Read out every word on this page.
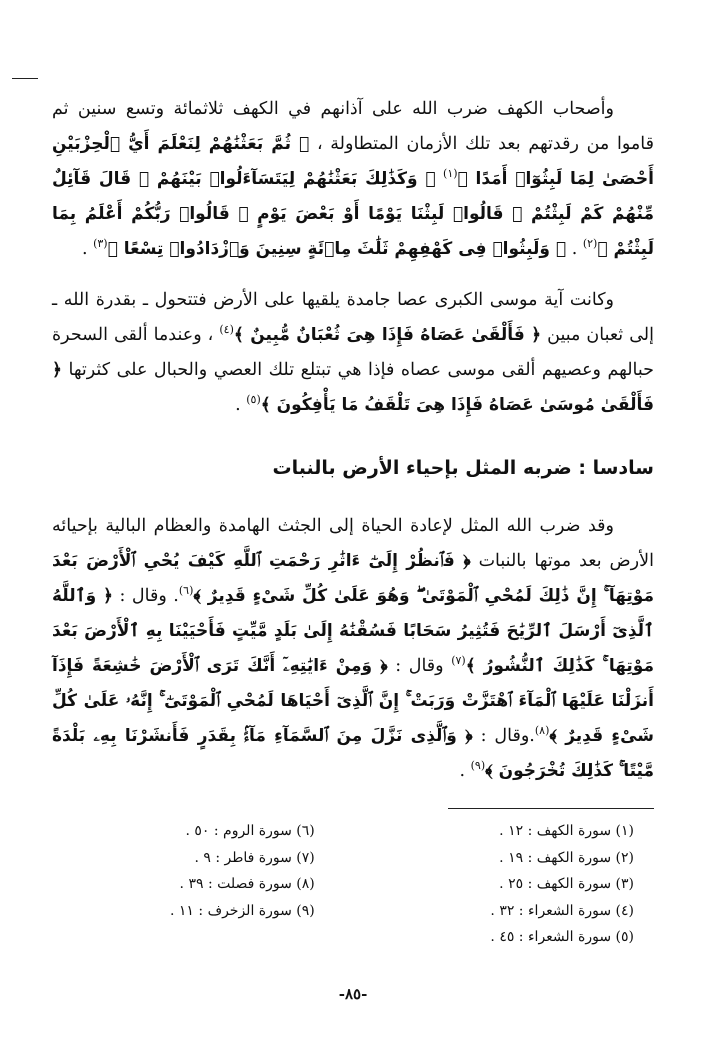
وأصحاب الكهف ضرب الله على آذانهم في الكهف ثلاثمائة وتسع سنين ثم قاموا من رقدتهم بعد تلك الأزمان المتطاولة ، ﴿ ثُمَّ بَعَثْنَٰهُمْ لِنَعْلَمَ أَيُّ ٱلْحِزْبَيْنِ أَحْصَىٰ لِمَا لَبِثُوٓا۟ أَمَدًا ﴾$^{(١)}$ ﴿ وَكَذَٰلِكَ بَعَثْنَٰهُمْ لِيَتَسَآءَلُوا۟ بَيْنَهُمْ ۚ قَالَ قَآئِلٌ مِّنْهُمْ كَمْ لَبِثْتُمْ ۖ قَالُوا۟ لَبِثْنَا يَوْمًا أَوْ بَعْضَ يَوْمٍ ۚ قَالُوا۟ رَبُّكُمْ أَعْلَمُ بِمَا لَبِثْتُمْ ﴾$^{(٢)}$ . ﴿ وَلَبِثُوا۟ فِى كَهْفِهِمْ ثَلَٰثَ مِا۟ئَةٍ سِنِينَ وَٱزْدَادُوا۟ تِسْعًا ﴾$^{(٣)}$ .

وكانت آية موسى الكبرى عصا جامدة يلقيها على الأرض فتتحول ـ بقدرة الله ـ إلى ثعبان مبين ﴿ فَأَلْقَىٰ عَصَاهُ فَإِذَا هِىَ ثُعْبَانٌ مُّبِينٌ ﴾$^{(٤)}$ ، وعندما ألقى السحرة حبالهم وعصيهم ألقى موسى عصاه فإذا هي تبتلع تلك العصي والحبال على كثرتها ﴿ فَأَلْقَىٰ مُوسَىٰ عَصَاهُ فَإِذَا هِىَ تَلْقَفُ مَا يَأْفِكُونَ ﴾$^{(٥)}$ .

سادسا : ضربه المثل بإحياء الأرض بالنبات

وقد ضرب الله المثل لإعادة الحياة إلى الجثث الهامدة والعظام البالية بإحيائه الأرض بعد موتها بالنبات ﴿ فَٱنظُرْ إِلَىٰٓ ءَاثَٰرِ رَحْمَتِ ٱللَّهِ كَيْفَ يُحْىِ ٱلْأَرْضَ بَعْدَ مَوْتِهَآ ۚ إِنَّ ذَٰلِكَ لَمُحْىِ ٱلْمَوْتَىٰ ۖ وَهُوَ عَلَىٰ كُلِّ شَىْءٍ قَدِيرٌ ﴾$^{(٦)}$. وقال : ﴿ وَٱللَّهُ ٱلَّذِىٓ أَرْسَلَ ٱلرِّيَٰحَ فَتُثِيرُ سَحَابًا فَسُقْنَٰهُ إِلَىٰ بَلَدٍ مَّيِّتٍ فَأَحْيَيْنَا بِهِ ٱلْأَرْضَ بَعْدَ مَوْتِهَا ۚ كَذَٰلِكَ ٱلنُّشُورُ ﴾$^{(٧)}$ وقال : ﴿ وَمِنْ ءَايَٰتِهِۦٓ أَنَّكَ تَرَى ٱلْأَرْضَ خَٰشِعَةً فَإِذَآ أَنزَلْنَا عَلَيْهَا ٱلْمَآءَ ٱهْتَزَّتْ وَرَبَتْ ۚ إِنَّ ٱلَّذِىٓ أَحْيَاهَا لَمُحْىِ ٱلْمَوْتَىٰٓ ۚ إِنَّهُۥ عَلَىٰ كُلِّ شَىْءٍ قَدِيرٌ ﴾$^{(٨)}$.وقال : ﴿ وَٱلَّذِى نَزَّلَ مِنَ ٱلسَّمَآءِ مَآءًۢ بِقَدَرٍ فَأَنشَرْنَا بِهِۦ بَلْدَةً مَّيْتًا ۚ كَذَٰلِكَ تُخْرَجُونَ ﴾$^{(٩)}$ .

(١) سورة الكهف : ١٢ .
(٢) سورة الكهف : ١٩ .
(٣) سورة الكهف : ٢٥ .
(٤) سورة الشعراء : ٣٢ .
(٥) سورة الشعراء : ٤٥ .
(٦) سورة الروم : ٥٠ .
(٧) سورة فاطر : ٩ .
(٨) سورة فصلت : ٣٩ .
(٩) سورة الزخرف : ١١ .
-٨٥-
